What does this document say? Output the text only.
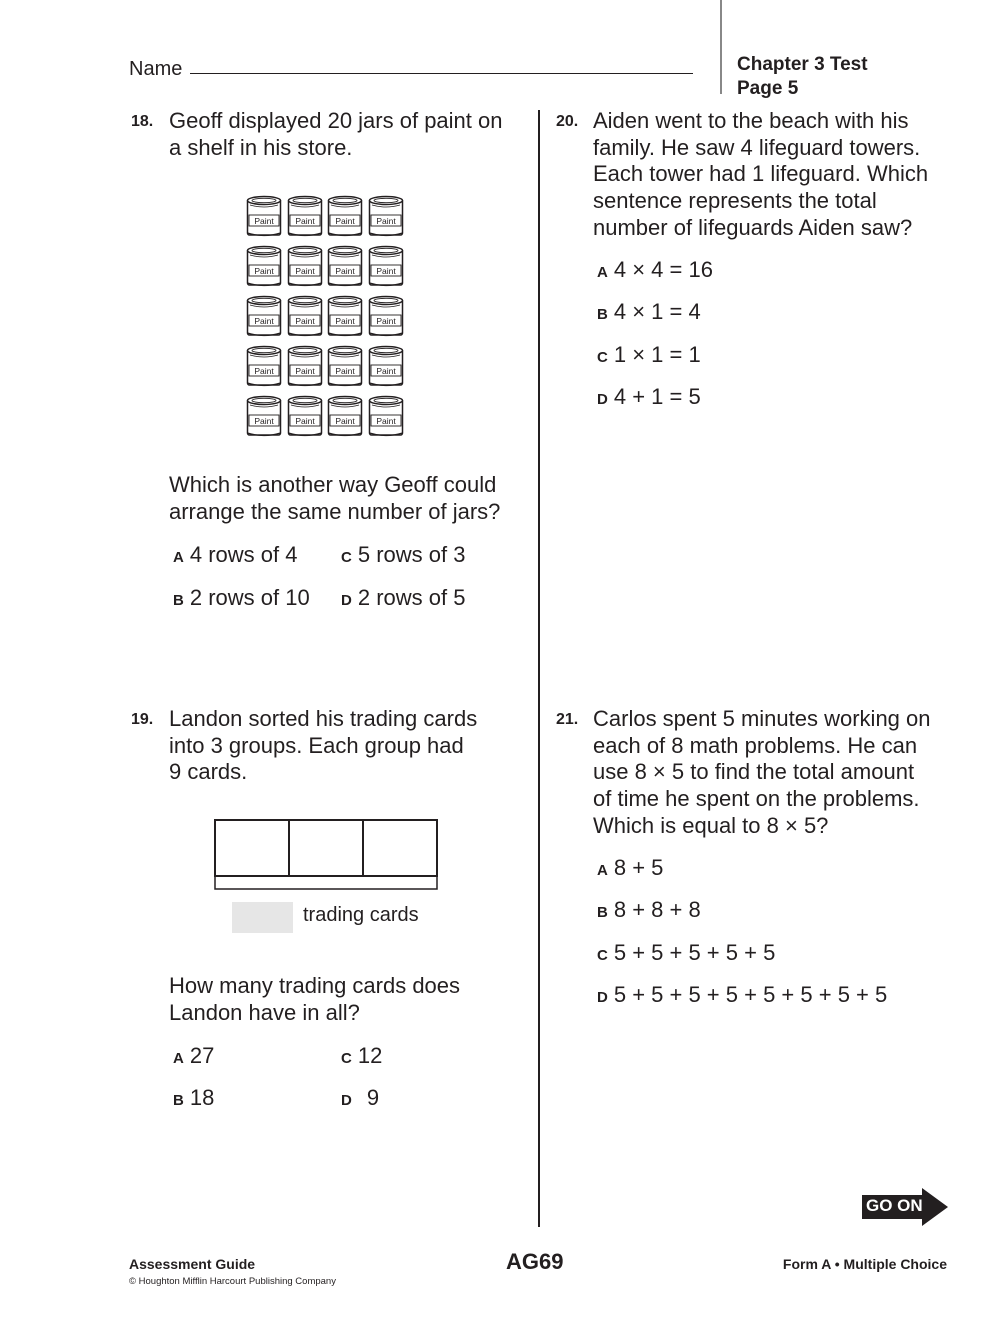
Name	Chapter 3 Test
Page 5
18. Geoff displayed 20 jars of paint on
a shelf in his store.
Paint Paint Paint Paint
Paint Paint Paint Paint
Paint Paint Paint Paint
Paint Paint Paint Paint
Paint Paint Paint Paint
Which is another way Geoff could
arrange the same number of jars?
A 4 rows of 4
B 2 rows of 10
C 5 rows of 3
D 2 rows of 5
19. Landon sorted his trading cards
into 3 groups. Each group had
9 cards.
trading cards
How many trading cards does
Landon have in all?
A 27
B 18
C 12
D 9
20. Aiden went to the beach with his
family. He saw 4 lifeguard towers.
Each tower had 1 lifeguard. Which
sentence represents the total
number of lifeguards Aiden saw?
A 4 × 4 = 16
B 4 × 1 = 4
C 1 × 1 = 1
D 4 + 1 = 5
21. Carlos spent 5 minutes working on
each of 8 math problems. He can
use 8 × 5 to find the total amount
of time he spent on the problems.
Which is equal to 8 × 5?
A 8 + 5
B 8 + 8 + 8
C 5 + 5 + 5 + 5 + 5
D 5 + 5 + 5 + 5 + 5 + 5 + 5 + 5
GO ON
Assessment Guide
© Houghton Mifflin Harcourt Publishing Company
AG69	Form A • Multiple Choice
